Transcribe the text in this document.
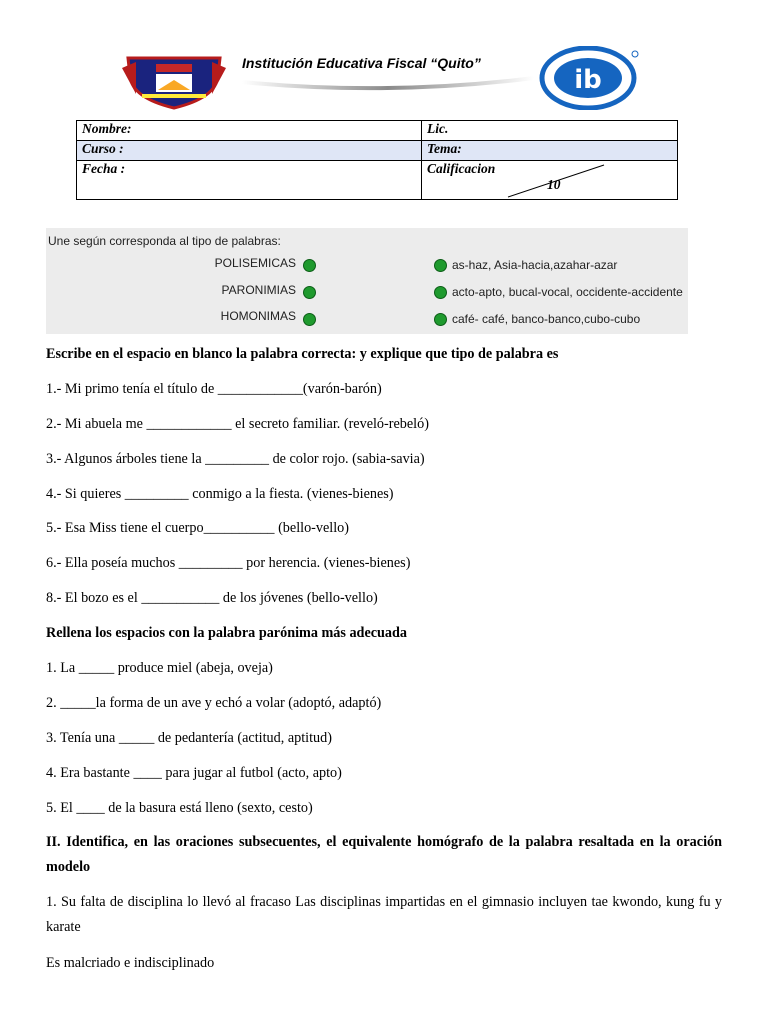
Institución Educativa Fiscal “Quito”
ib
Nombre:	Lic.
Curso :	Tema:
Fecha :	Calificacion
10
Une según corresponda al tipo de palabras:
POLISEMICAS	as-haz, Asia-hacia,azahar-azar
PARONIMIAS	acto-apto, bucal-vocal, occidente-accidente
HOMONIMAS	café- café, banco-banco,cubo-cubo
Escribe en el espacio en blanco la palabra correcta: y explique que tipo de palabra es
1.- Mi primo tenía el título de ____________(varón-barón)
2.- Mi abuela me ____________ el secreto familiar. (reveló-rebeló)
3.- Algunos árboles tiene la _________ de color rojo. (sabia-savia)
4.- Si quieres _________ conmigo a la fiesta. (vienes-bienes)
5.- Esa Miss tiene el cuerpo__________ (bello-vello)
6.- Ella poseía muchos _________ por herencia. (vienes-bienes)
8.- El bozo es el ___________ de los jóvenes (bello-vello)
Rellena los espacios con la palabra parónima más adecuada
1. La _____ produce miel (abeja, oveja)
2. _____la forma de un ave y echó a volar (adoptó, adaptó)
3. Tenía una _____ de pedantería (actitud, aptitud)
4. Era bastante ____ para jugar al futbol (acto, apto)
5. El ____ de la basura está lleno (sexto, cesto)
II. Identifica, en las oraciones subsecuentes, el equivalente homógrafo de la palabra resaltada en la oración modelo
1. Su falta de disciplina lo llevó al fracaso Las disciplinas impartidas en el gimnasio incluyen tae kwondo, kung fu y karate
Es malcriado e indisciplinado
